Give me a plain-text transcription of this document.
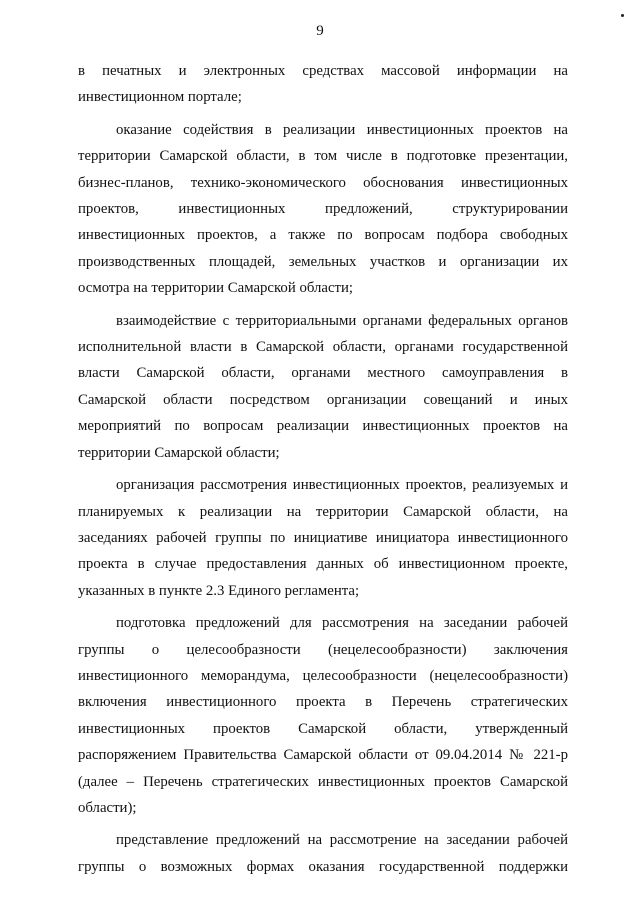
9

в печатных и электронных средствах массовой информации на
инвестиционном портале;

оказание содействия в реализации инвестиционных проектов на
территории Самарской области, в том числе в подготовке презентации,
бизнес-планов, технико-экономического обоснования инвестиционных
проектов, инвестиционных предложений, структурировании
инвестиционных проектов, а также по вопросам подбора свободных
производственных площадей, земельных участков и организации их
осмотра на территории Самарской области;

взаимодействие с территориальными органами федеральных органов
исполнительной власти в Самарской области, органами государственной
власти Самарской области, органами местного самоуправления в
Самарской области посредством организации совещаний и иных
мероприятий по вопросам реализации инвестиционных проектов на
территории Самарской области;

организация рассмотрения инвестиционных проектов, реализуемых и
планируемых к реализации на территории Самарской области, на
заседаниях рабочей группы по инициативе инициатора инвестиционного
проекта в случае предоставления данных об инвестиционном проекте,
указанных в пункте 2.3 Единого регламента;

подготовка предложений для рассмотрения на заседании рабочей
группы о целесообразности (нецелесообразности) заключения
инвестиционного меморандума, целесообразности (нецелесообразности)
включения инвестиционного проекта в Перечень стратегических
инвестиционных проектов Самарской области, утвержденный
распоряжением Правительства Самарской области от 09.04.2014 № 221-р
(далее – Перечень стратегических инвестиционных проектов Самарской
области);

представление предложений на рассмотрение на заседании рабочей
группы о возможных формах оказания государственной поддержки
